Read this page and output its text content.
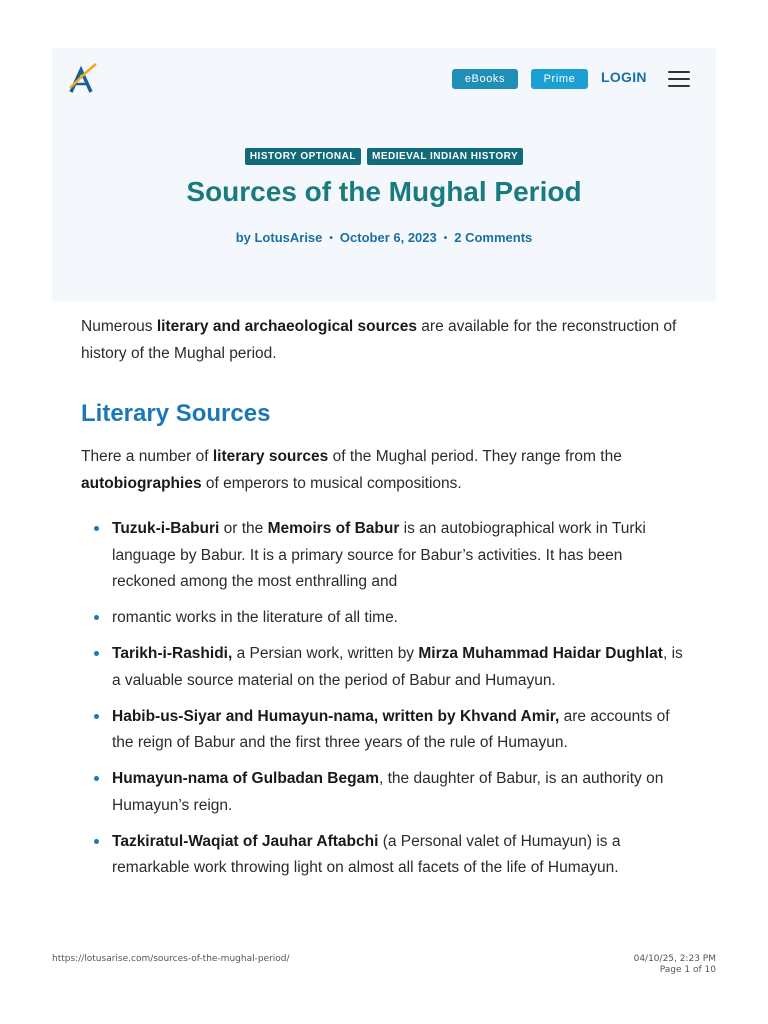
eBooks	Prime	LOGIN
HISTORY OPTIONAL	MEDIEVAL INDIAN HISTORY
Sources of the Mughal Period
by LotusArise • October 6, 2023 • 2 Comments

Numerous literary and archaeological sources are available for the reconstruction of history of the Mughal period.

Literary Sources

There a number of literary sources of the Mughal period. They range from the autobiographies of emperors to musical compositions.

Tuzuk-i-Baburi or the Memoirs of Babur is an autobiographical work in Turki language by Babur. It is a primary source for Babur’s activities. It has been reckoned among the most enthralling and
romantic works in the literature of all time.
Tarikh-i-Rashidi, a Persian work, written by Mirza Muhammad Haidar Dughlat, is a valuable source material on the period of Babur and Humayun.
Habib-us-Siyar and Humayun-nama, written by Khvand Amir, are accounts of the reign of Babur and the first three years of the rule of Humayun.
Humayun-nama of Gulbadan Begam, the daughter of Babur, is an authority on Humayun’s reign.
Tazkiratul-Waqiat of Jauhar Aftabchi (a Personal valet of Humayun) is a remarkable work throwing light on almost all facets of the life of Humayun.
https://lotusarise.com/sources-of-the-mughal-period/	04/10/25, 2:23 PM
Page 1 of 10
